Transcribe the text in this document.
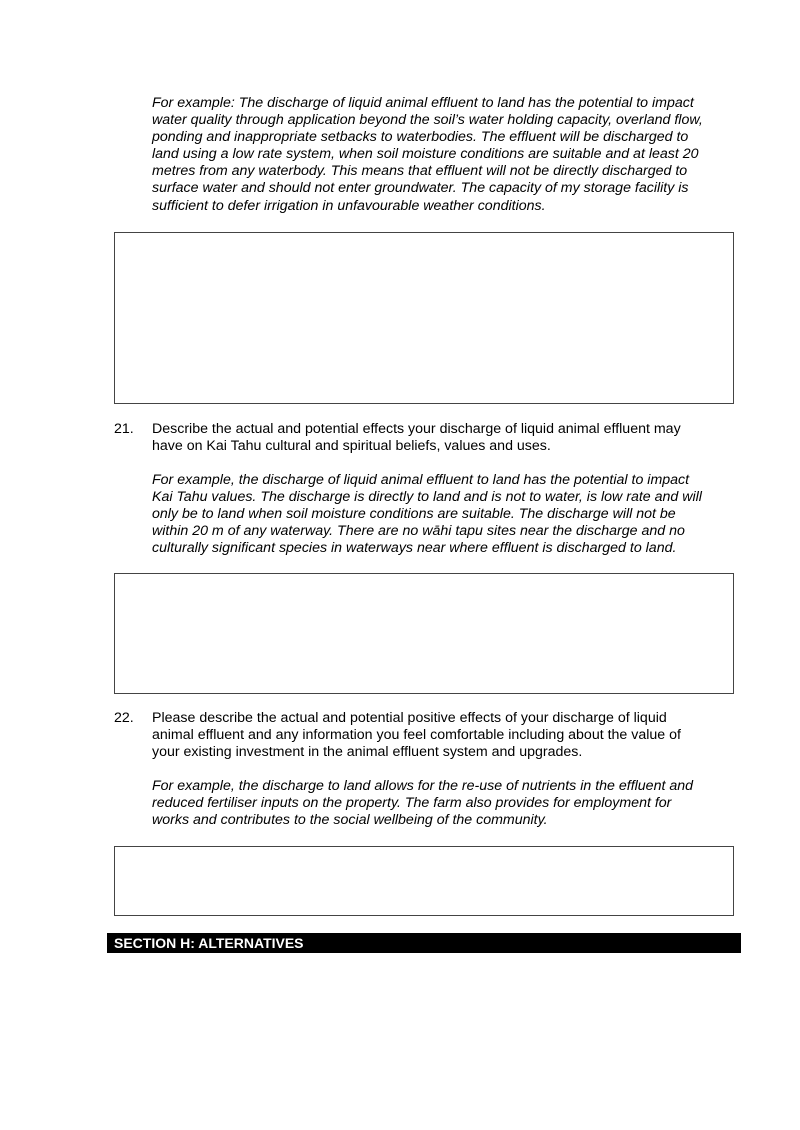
For example: The discharge of liquid animal effluent to land has the potential to impact
water quality through application beyond the soil’s water holding capacity, overland flow,
ponding and inappropriate setbacks to waterbodies. The effluent will be discharged to
land using a low rate system, when soil moisture conditions are suitable and at least 20
metres from any waterbody. This means that effluent will not be directly discharged to
surface water and should not enter groundwater. The capacity of my storage facility is
sufficient to defer irrigation in unfavourable weather conditions.
21. Describe the actual and potential effects your discharge of liquid animal effluent may
have on Kai Tahu cultural and spiritual beliefs, values and uses.
For example, the discharge of liquid animal effluent to land has the potential to impact
Kai Tahu values. The discharge is directly to land and is not to water, is low rate and will
only be to land when soil moisture conditions are suitable. The discharge will not be
within 20 m of any waterway. There are no wāhi tapu sites near the discharge and no
culturally significant species in waterways near where effluent is discharged to land.
22. Please describe the actual and potential positive effects of your discharge of liquid
animal effluent and any information you feel comfortable including about the value of
your existing investment in the animal effluent system and upgrades.
For example, the discharge to land allows for the re-use of nutrients in the effluent and
reduced fertiliser inputs on the property. The farm also provides for employment for
works and contributes to the social wellbeing of the community.
SECTION H: ALTERNATIVES
